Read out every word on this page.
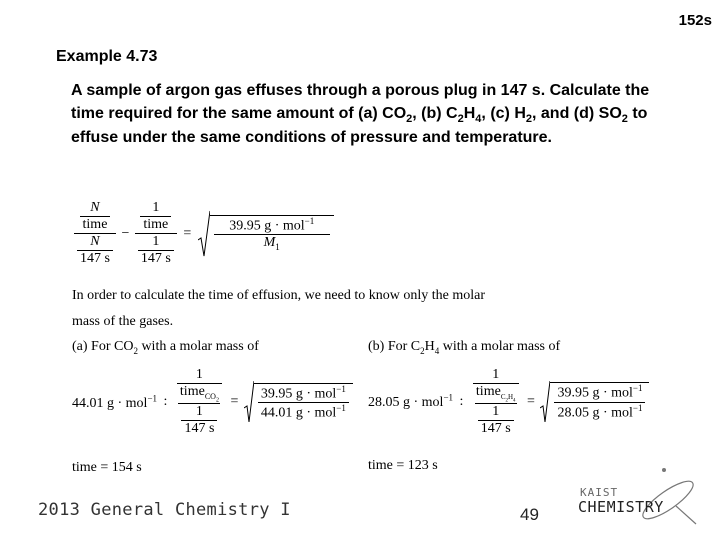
152s
Example 4.73
A sample of argon gas effuses through a porous plug in 147 s. Calculate the time required for the same amount of (a) $CO_2$, (b) $C_2H_4$, (c) $H_2$, and (d) $SO_2$ to effuse under the same conditions of pressure and temperature.
$\frac{\frac{N}{\text{time}}}{\frac{N}{147 s}} - \frac{\frac{1}{\text{time}}}{\frac{1}{147 s}} = \frac{39.95 g \cdot mol^{-1}}{M_1}$
In order to calculate the time of effusion, we need to know only the molar
mass of the gases.
(a) For $CO_2$ with a molar mass of
44.01 g · mol$^{-1}$ : $\frac{\frac{1}{time_{CO_2}}}{\frac{1}{147 s}} = \frac{39.95 g \cdot mol^{-1}}{44.01 g \cdot mol^{-1}}$
time = 154 s
(b) For $C_2H_4$ with a molar mass of
28.05 g · mol$^{-1}$ : $\frac{\frac{1}{time_{C_2H_4}}}{\frac{1}{147 s}} = \frac{39.95 g \cdot mol^{-1}}{28.05 g \cdot mol^{-1}}$
time = 123 s
2013 General Chemistry I	49
KAIST
CHEMISTRY
